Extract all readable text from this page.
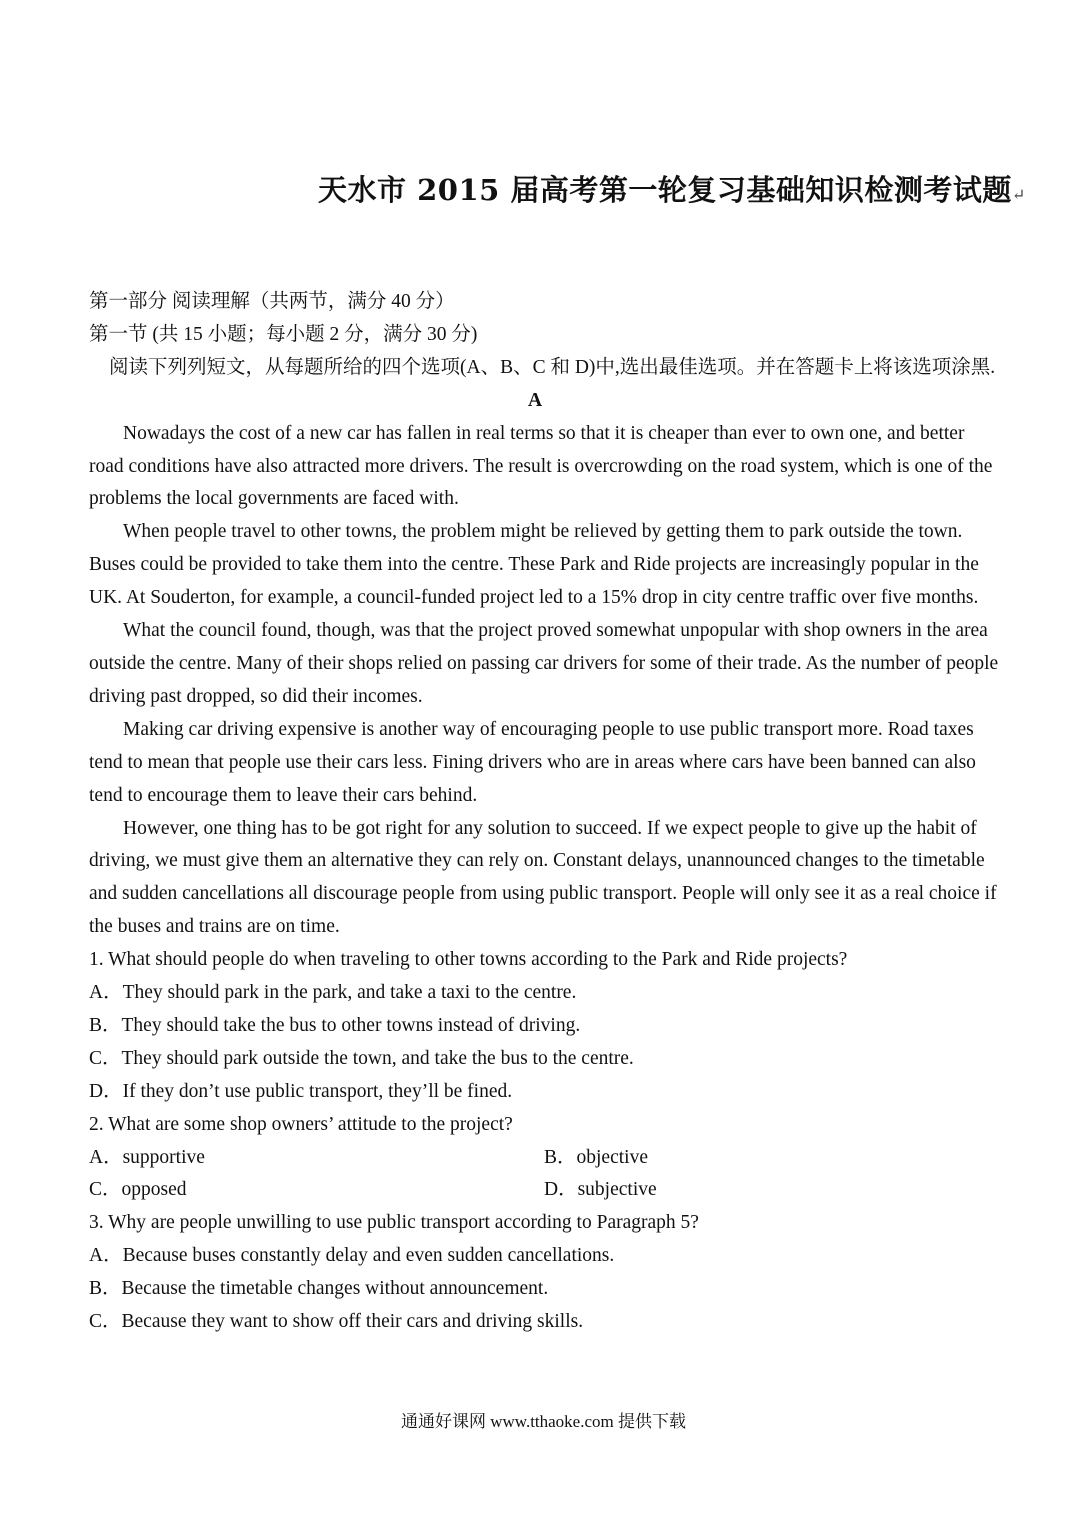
天水市 2015 届高考第一轮复习基础知识检测考试题↵

第一部分 阅读理解（共两节，满分 40 分）

第一节 (共 15 小题；每小题 2 分，满分 30 分)

阅读下列列短文，从每题所给的四个选项(A、B、C 和 D)中,选出最佳选项。并在答题卡上将该选项涂黑.

A

Nowadays the cost of a new car has fallen in real terms so that it is cheaper than ever to own one, and better road conditions have also attracted more drivers. The result is overcrowding on the road system, which is one of the problems the local governments are faced with.

When people travel to other towns, the problem might be relieved by getting them to park outside the town. Buses could be provided to take them into the centre. These Park and Ride projects are increasingly popular in the UK. At Souderton, for example, a council-funded project led to a 15% drop in city centre traffic over five months.

What the council found, though, was that the project proved somewhat unpopular with shop owners in the area outside the centre. Many of their shops relied on passing car drivers for some of their trade. As the number of people driving past dropped, so did their incomes.

Making car driving expensive is another way of encouraging people to use public transport more. Road taxes tend to mean that people use their cars less. Fining drivers who are in areas where cars have been banned can also tend to encourage them to leave their cars behind.

However, one thing has to be got right for any solution to succeed. If we expect people to give up the habit of driving, we must give them an alternative they can rely on. Constant delays, unannounced changes to the timetable and sudden cancellations all discourage people from using public transport. People will only see it as a real choice if the buses and trains are on time.

1. What should people do when traveling to other towns according to the Park and Ride projects?

A．They should park in the park, and take a taxi to the centre.

B．They should take the bus to other towns instead of driving.

C．They should park outside the town, and take the bus to the centre.

D．If they don’t use public transport, they’ll be fined.

2. What are some shop owners’ attitude to the project?

A．supportive	B．objective
C．opposed	D．subjective

3. Why are people unwilling to use public transport according to Paragraph 5?

A．Because buses constantly delay and even sudden cancellations.

B．Because the timetable changes without announcement.

C．Because they want to show off their cars and driving skills.

通通好课网 www.tthaoke.com 提供下载
